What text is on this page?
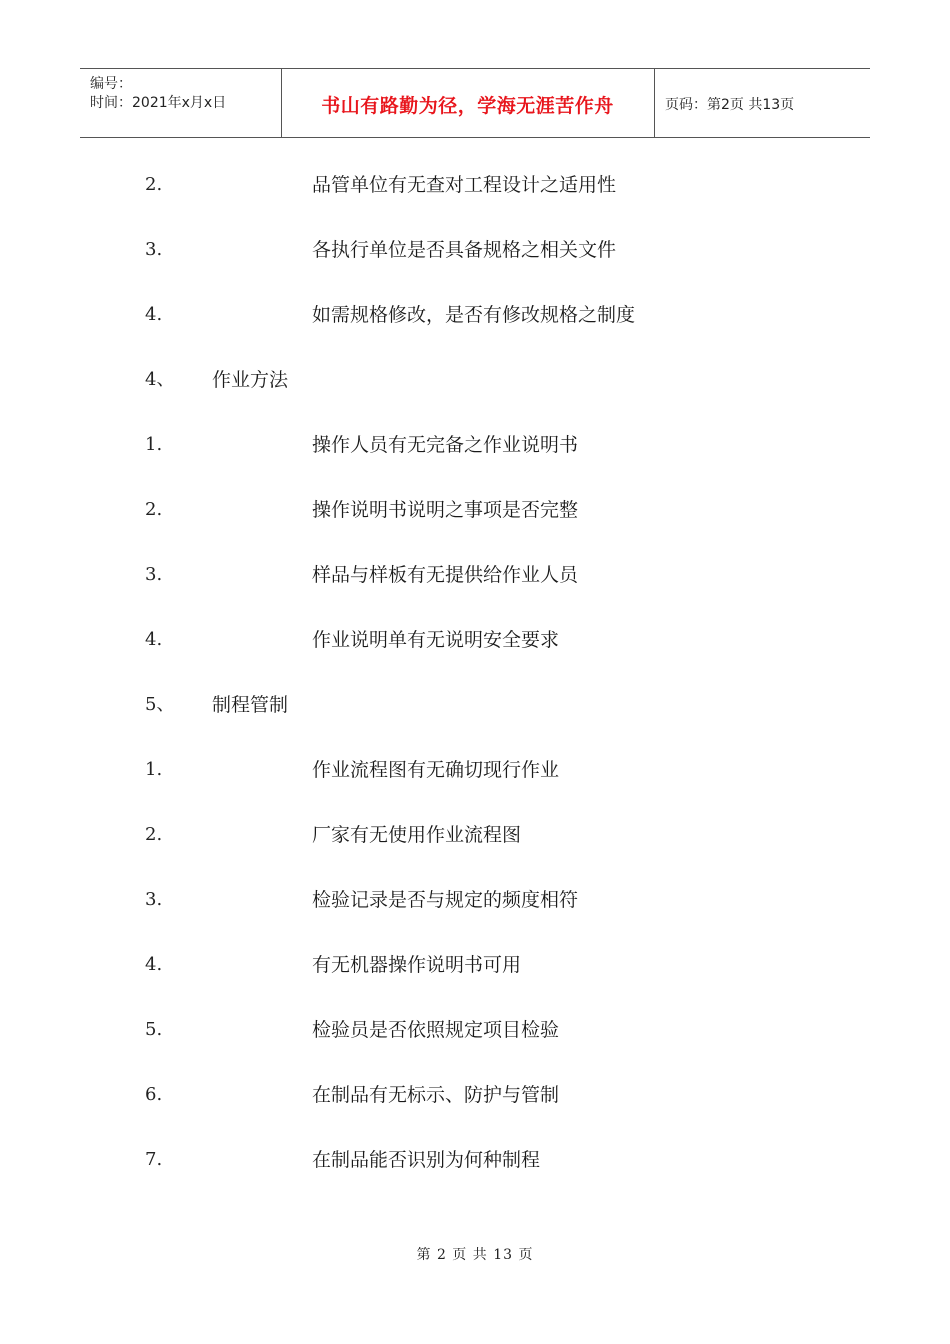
编号：
时间：2021年x月x日	书山有路勤为径，学海无涯苦作舟	页码：第2页 共13页
2.	品管单位有无查对工程设计之适用性
3.	各执行单位是否具备规格之相关文件
4.	如需规格修改，是否有修改规格之制度
4、 作业方法
1.	操作人员有无完备之作业说明书
2.	操作说明书说明之事项是否完整
3.	样品与样板有无提供给作业人员
4.	作业说明单有无说明安全要求
5、 制程管制
1.	作业流程图有无确切现行作业
2.	厂家有无使用作业流程图
3.	检验记录是否与规定的频度相符
4.	有无机器操作说明书可用
5.	检验员是否依照规定项目检验
6.	在制品有无标示、防护与管制
7.	在制品能否识别为何种制程
第 2 页 共 13 页
